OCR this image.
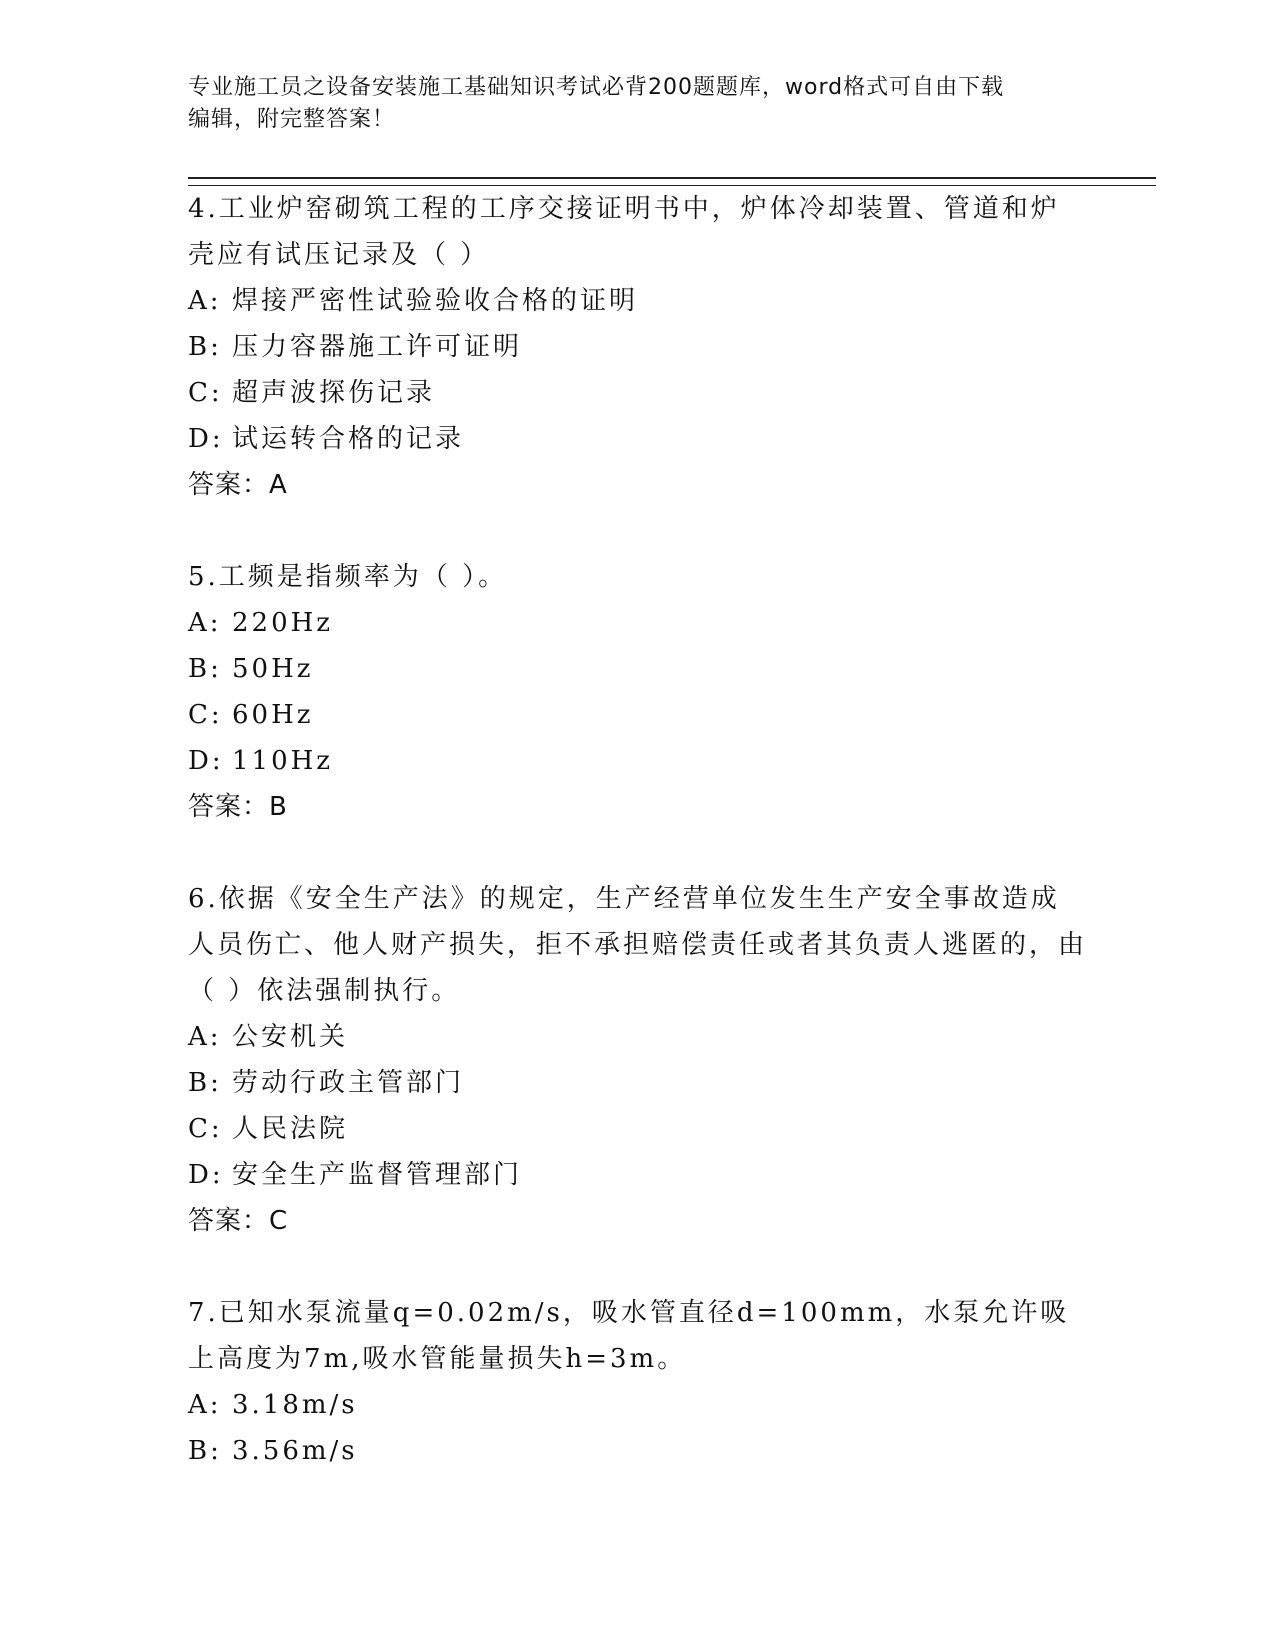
专业施工员之设备安装施工基础知识考试必背200题题库，word格式可自由下载
编辑，附完整答案！
4.工业炉窑砌筑工程的工序交接证明书中，炉体冷却装置、管道和炉壳应有试压记录及（ ）
A: 焊接严密性试验验收合格的证明
B: 压力容器施工许可证明
C: 超声波探伤记录
D: 试运转合格的记录
答案：A
5.工频是指频率为（ ）。
A: 220Hz
B: 50Hz
C: 60Hz
D: 110Hz
答案：B
6.依据《安全生产法》的规定，生产经营单位发生生产安全事故造成人员伤亡、他人财产损失，拒不承担赔偿责任或者其负责人逃匿的，由（ ）依法强制执行。
A: 公安机关
B: 劳动行政主管部门
C: 人民法院
D: 安全生产监督管理部门
答案：C
7.已知水泵流量q=0.02m/s，吸水管直径d=100mm，水泵允许吸上高度为7m,吸水管能量损失h=3m。
A: 3.18m/s
B: 3.56m/s
